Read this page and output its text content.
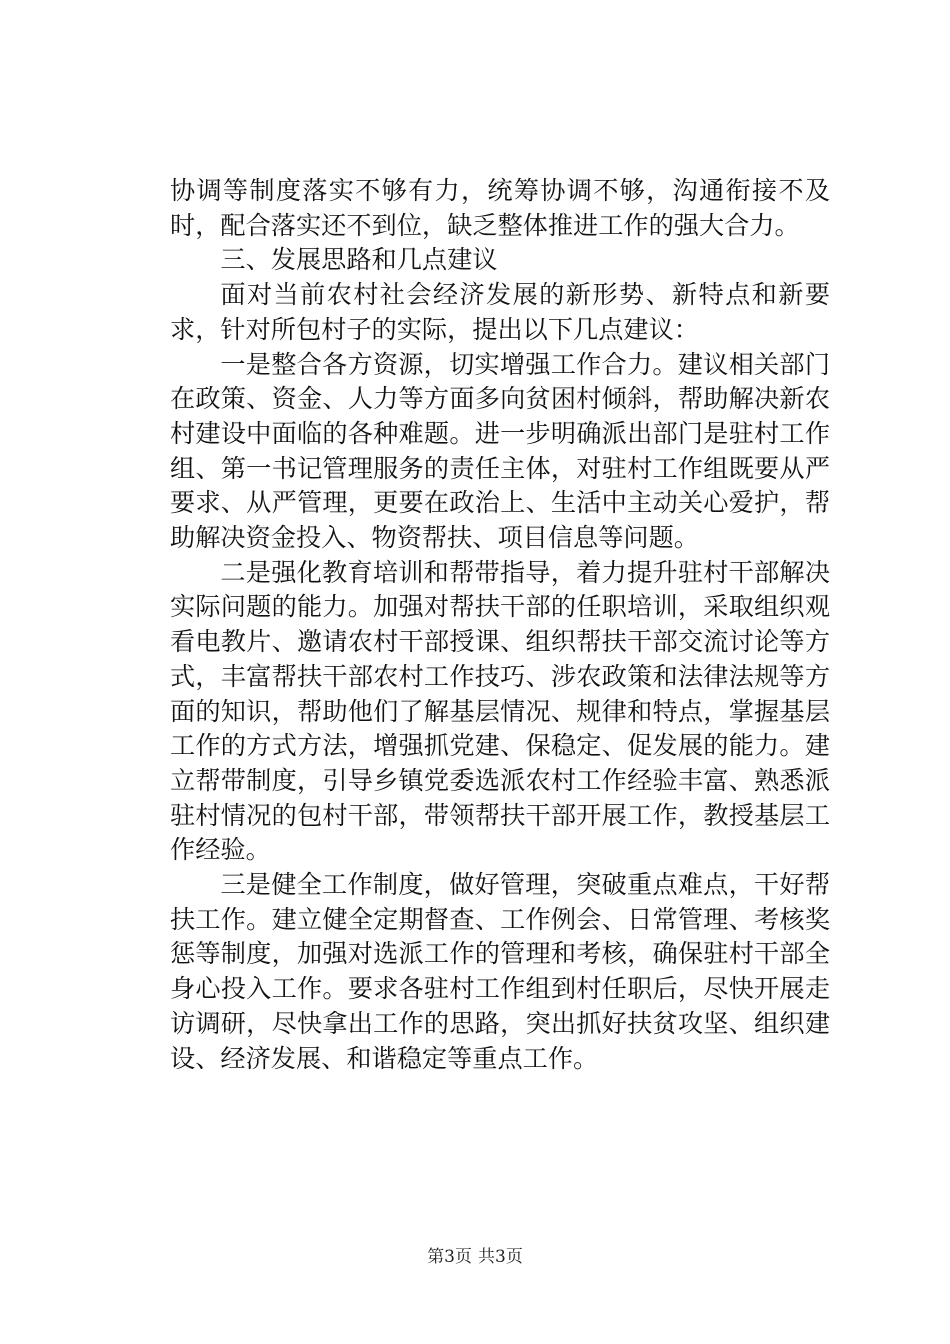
协调等制度落实不够有力，统筹协调不够，沟通衔接不及时，配合落实还不到位，缺乏整体推进工作的强大合力。

三、发展思路和几点建议

面对当前农村社会经济发展的新形势、新特点和新要求，针对所包村子的实际，提出以下几点建议：

一是整合各方资源，切实增强工作合力。建议相关部门在政策、资金、人力等方面多向贫困村倾斜，帮助解决新农村建设中面临的各种难题。进一步明确派出部门是驻村工作组、第一书记管理服务的责任主体，对驻村工作组既要从严要求、从严管理，更要在政治上、生活中主动关心爱护，帮助解决资金投入、物资帮扶、项目信息等问题。

二是强化教育培训和帮带指导，着力提升驻村干部解决实际问题的能力。加强对帮扶干部的任职培训，采取组织观看电教片、邀请农村干部授课、组织帮扶干部交流讨论等方式，丰富帮扶干部农村工作技巧、涉农政策和法律法规等方面的知识，帮助他们了解基层情况、规律和特点，掌握基层工作的方式方法，增强抓党建、保稳定、促发展的能力。建立帮带制度，引导乡镇党委选派农村工作经验丰富、熟悉派驻村情况的包村干部，带领帮扶干部开展工作，教授基层工作经验。

三是健全工作制度，做好管理，突破重点难点，干好帮扶工作。建立健全定期督查、工作例会、日常管理、考核奖惩等制度，加强对选派工作的管理和考核，确保驻村干部全身心投入工作。要求各驻村工作组到村任职后，尽快开展走访调研，尽快拿出工作的思路，突出抓好扶贫攻坚、组织建设、经济发展、和谐稳定等重点工作。

第3页 共3页
